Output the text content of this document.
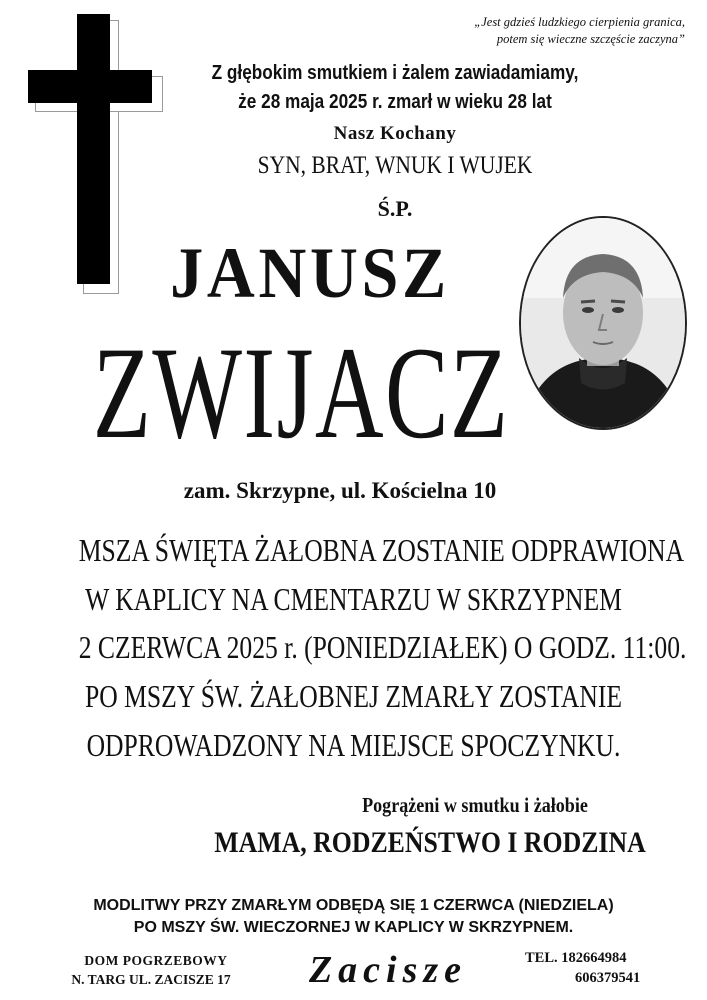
„Jest gdzieś ludzkiego cierpienia granica,
potem się wieczne szczęście zaczyna”
Z głębokim smutkiem i żalem zawiadamiamy,
że 28 maja 2025 r. zmarł w wieku 28 lat
Nasz Kochany
SYN, BRAT, WNUK I WUJEK
Ś.P.
JANUSZ
ZWIJACZ
zam. Skrzypne, ul. Kościelna 10
MSZA ŚWIĘTA ŻAŁOBNA ZOSTANIE ODPRAWIONA
W KAPLICY NA CMENTARZU W SKRZYPNEM
2 CZERWCA 2025 r. (PONIEDZIAŁEK) O GODZ. 11:00.
PO MSZY ŚW. ŻAŁOBNEJ ZMARŁY ZOSTANIE
ODPROWADZONY NA MIEJSCE SPOCZYNKU.
Pogrążeni w smutku i żałobie
MAMA, RODZEŃSTWO I RODZINA
MODLITWY PRZY ZMARŁYM ODBĘDĄ SIĘ 1 CZERWCA (NIEDZIELA)
PO MSZY ŚW. WIECZORNEJ W KAPLICY W SKRZYPNEM.
DOM POGRZEBOWY
N. TARG UL. ZACISZE 17	Zacisze	TEL. 182664984
606379541
